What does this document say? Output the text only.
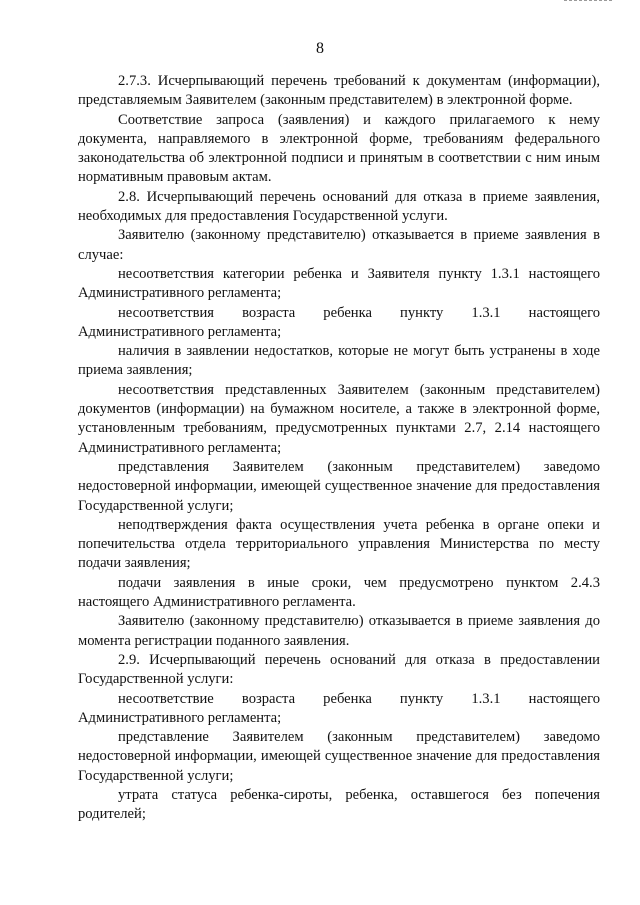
8

2.7.3. Исчерпывающий перечень требований к документам (информации), представляемым Заявителем (законным представителем) в электронной форме.

Соответствие запроса (заявления) и каждого прилагаемого к нему документа, направляемого в электронной форме, требованиям федерального законодательства об электронной подписи и принятым в соответствии с ним иным нормативным правовым актам.

2.8. Исчерпывающий перечень оснований для отказа в приеме заявления, необходимых для предоставления Государственной услуги.

Заявителю (законному представителю) отказывается в приеме заявления в случае:

несоответствия категории ребенка и Заявителя пункту 1.3.1 настоящего Административного регламента;

несоответствия возраста ребенка пункту 1.3.1 настоящего Административного регламента;

наличия в заявлении недостатков, которые не могут быть устранены в ходе приема заявления;

несоответствия представленных Заявителем (законным представителем) документов (информации) на бумажном носителе, а также в электронной форме, установленным требованиям, предусмотренных пунктами 2.7, 2.14 настоящего Административного регламента;

представления Заявителем (законным представителем) заведомо недостоверной информации, имеющей существенное значение для предоставления Государственной услуги;

неподтверждения факта осуществления учета ребенка в органе опеки и попечительства отдела территориального управления Министерства по месту подачи заявления;

подачи заявления в иные сроки, чем предусмотрено пунктом 2.4.3 настоящего Административного регламента.

Заявителю (законному представителю) отказывается в приеме заявления до момента регистрации поданного заявления.

2.9. Исчерпывающий перечень оснований для отказа в предоставлении Государственной услуги:

несоответствие возраста ребенка пункту 1.3.1 настоящего Административного регламента;

представление Заявителем (законным представителем) заведомо недостоверной информации, имеющей существенное значение для предоставления Государственной услуги;

утрата статуса ребенка-сироты, ребенка, оставшегося без попечения родителей;
